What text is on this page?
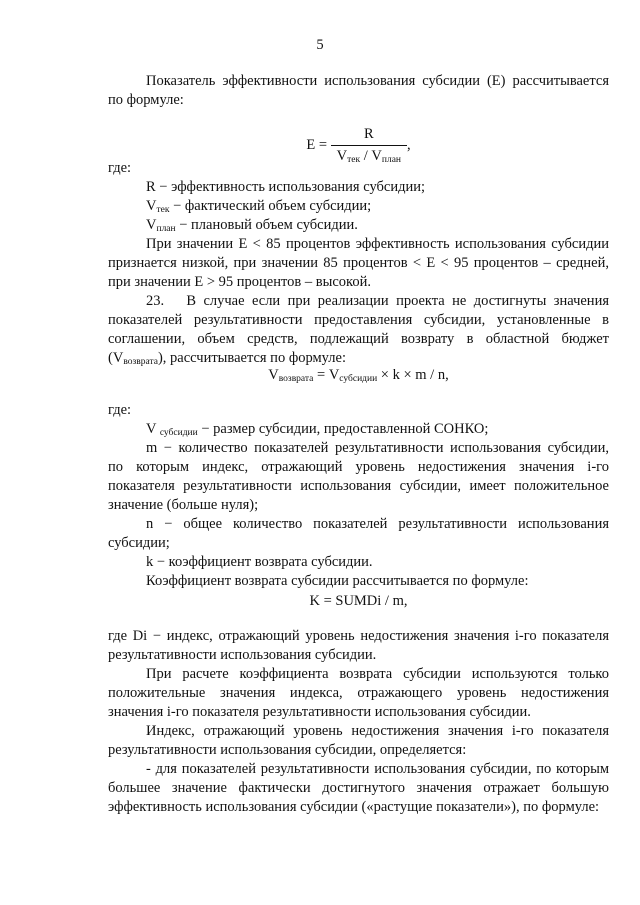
5

Показатель эффективности использования субсидии (E) рассчитывается по формуле:

$E = \frac{R}{V_{тек} / V_{план}}$ ,

где:

R − эффективность использования субсидии;

$V_{тек}$ − фактический объем субсидии;

$V_{план}$ − плановый объем субсидии.

При значении E < 85 процентов эффективность использования субсидии признается низкой, при значении 85 процентов < E < 95 процентов – средней, при значении E > 95 процентов – высокой.

23.   В случае если при реализации проекта не достигнуты значения показателей результативности предоставления субсидии, установленные в соглашении, объем средств, подлежащий возврату в областной бюджет $(V_{возврата})$, рассчитывается по формуле:

$V_{возврата} = V_{субсидии} \times k \times m / n$,

где:

V $_{субсидии}$ − размер субсидии, предоставленной СОНКО;

m − количество показателей результативности использования субсидии, по которым индекс, отражающий уровень недостижения значения i-го показателя результативности использования субсидии, имеет положительное значение (больше нуля);

n − общее количество показателей результативности использования субсидии;

k − коэффициент возврата субсидии.

Коэффициент возврата субсидии рассчитывается по формуле:

K = SUMDi / m,

где Di − индекс, отражающий уровень недостижения значения i-го показателя результативности использования субсидии.

При расчете коэффициента возврата субсидии используются только положительные значения индекса, отражающего уровень недостижения значения i-го показателя результативности использования субсидии.

Индекс, отражающий уровень недостижения значения i-го показателя результативности использования субсидии, определяется:

- для показателей результативности использования субсидии, по которым большее значение фактически достигнутого значения отражает большую эффективность использования субсидии («растущие показатели»), по формуле:
